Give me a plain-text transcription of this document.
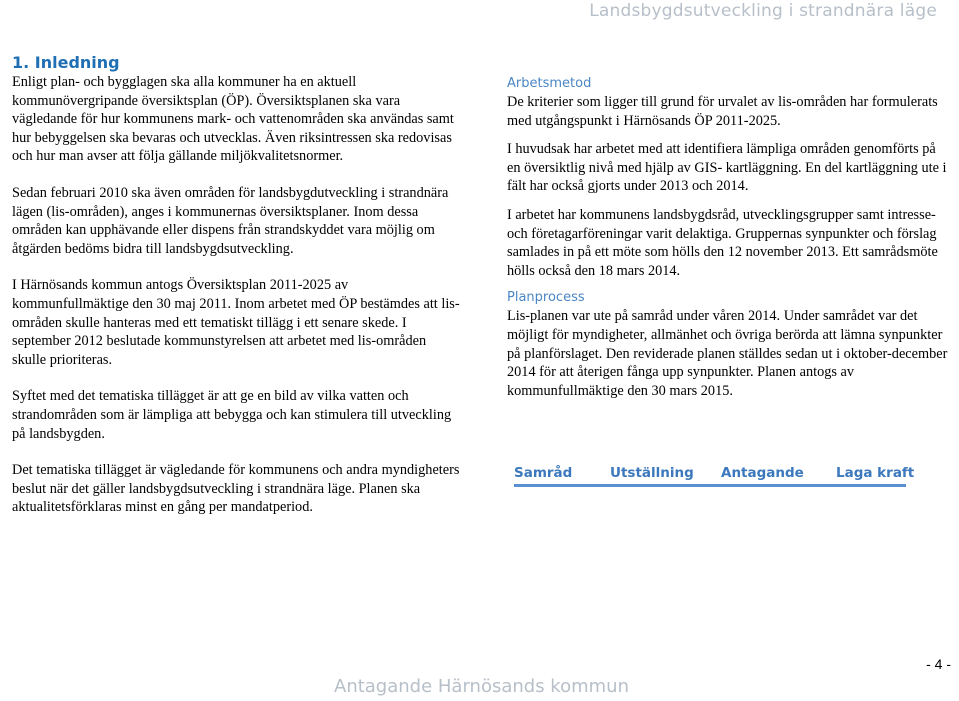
Landsbygdsutveckling i strandnära läge
1. Inledning

Enligt plan- och bygglagen ska alla kommuner ha en aktuell kommunövergripande översiktsplan (ÖP). Översiktsplanen ska vara vägledande för hur kommunens mark- och vattenområden ska användas samt hur bebyggelsen ska bevaras och utvecklas. Även riksintressen ska redovisas och hur man avser att följa gällande miljökvalitetsnormer.

Sedan februari 2010 ska även områden för landsbygdutveckling i strandnära lägen (lis-områden), anges i kommunernas översiktsplaner. Inom dessa områden kan upphävande eller dispens från strandskyddet vara möjlig om åtgärden bedöms bidra till landsbygdsutveckling.

I Härnösands kommun antogs Översiktsplan 2011-2025 av kommunfullmäktige den 30 maj 2011. Inom arbetet med ÖP bestämdes att lis-områden skulle hanteras med ett tematiskt tillägg i ett senare skede. I september 2012 beslutade kommunstyrelsen att arbetet med lis-områden skulle prioriteras.

Syftet med det tematiska tillägget är att ge en bild av vilka vatten och strandområden som är lämpliga att bebygga och kan stimulera till utveckling på landsbygden.

Det tematiska tillägget är vägledande för kommunens och andra myndigheters beslut när det gäller landsbygdsutveckling i strandnära läge. Planen ska aktualitetsförklaras minst en gång per mandatperiod.

Arbetsmetod

De kriterier som ligger till grund för urvalet av lis-områden har formulerats med utgångspunkt i Härnösands ÖP 2011-2025.

I huvudsak har arbetet med att identifiera lämpliga områden genomförts på en översiktlig nivå med hjälp av GIS- kartläggning. En del kartläggning ute i fält har också gjorts under 2013 och 2014.

I arbetet har kommunens landsbygdsråd, utvecklingsgrupper samt intresse- och företagarföreningar varit delaktiga. Gruppernas synpunkter och förslag samlades in på ett möte som hölls den 12 november 2013. Ett samrådsmöte hölls också den 18 mars 2014.

Planprocess

Lis-planen var ute på samråd under våren 2014. Under samrådet var det möjligt för myndigheter, allmänhet och övriga berörda att lämna synpunkter på planförslaget. Den reviderade planen ställdes sedan ut i oktober-december 2014 för att återigen fånga upp synpunkter. Planen antogs av kommunfullmäktige den 30 mars 2015.

Samråd	Utställning Antagande Laga kraft
- 4 -
Antagande Härnösands kommun
